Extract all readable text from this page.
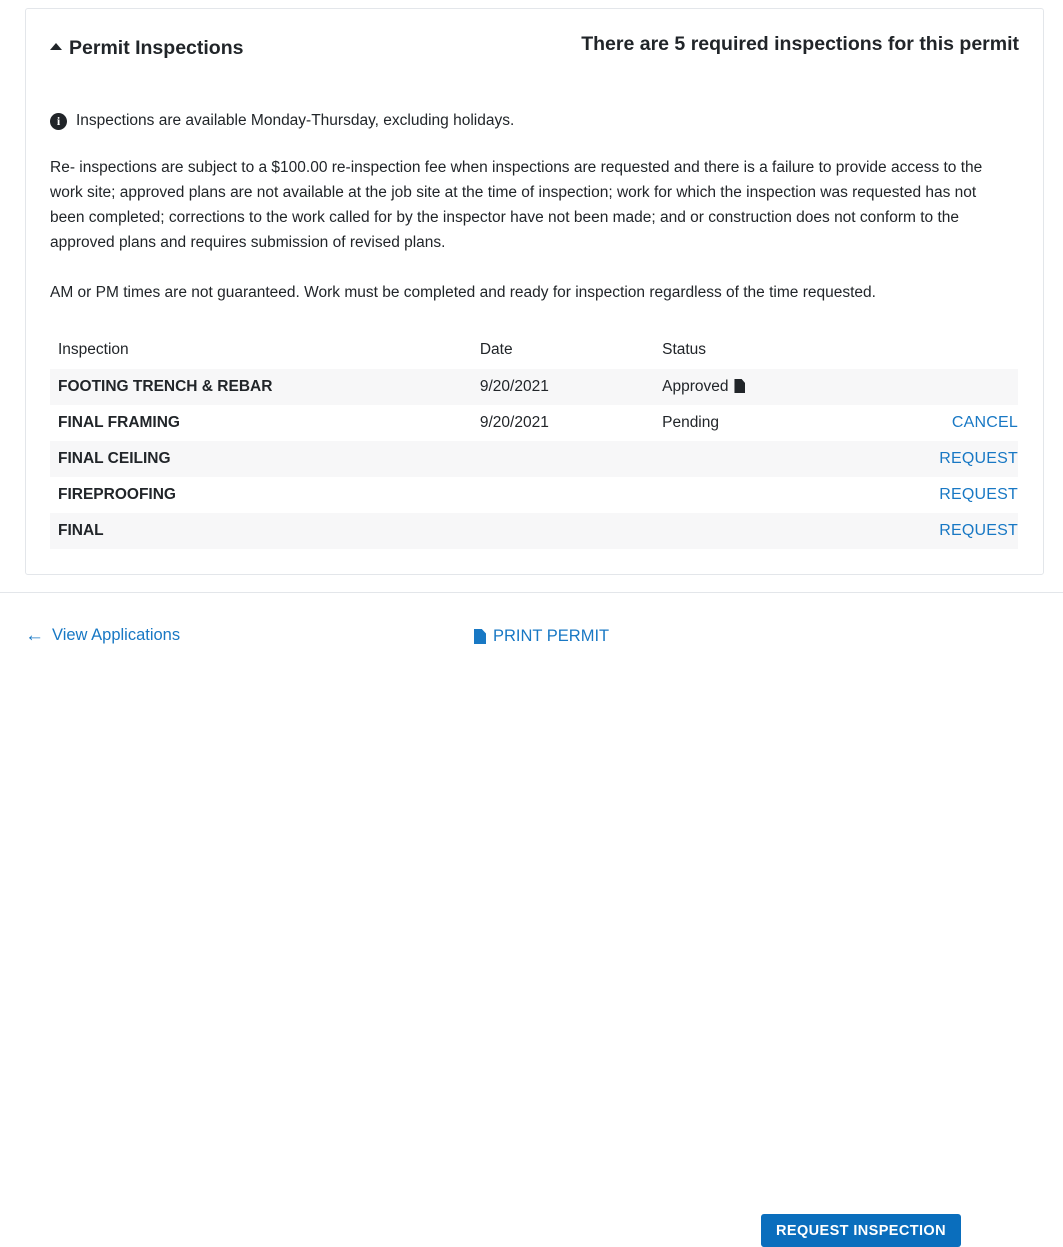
Permit Inspections	There are 5 required inspections for this permit
i	Inspections are available Monday-Thursday, excluding holidays.
Re- inspections are subject to a $100.00 re-inspection fee when inspections are requested and there is a failure to provide access to the work site; approved plans are not available at the job site at the time of inspection; work for which the inspection was requested has not been completed; corrections to the work called for by the inspector have not been made; and or construction does not conform to the approved plans and requires submission of revised plans.
AM or PM times are not guaranteed. Work must be completed and ready for inspection regardless of the time requested.
Inspection	Date	Status	
FOOTING TRENCH & REBAR	9/20/2021	Approved	
FINAL FRAMING	9/20/2021	Pending	CANCEL
FINAL CEILING			REQUEST
FIREPROOFING			REQUEST
FINAL			REQUEST
← View Applications	PRINT PERMIT
REQUEST INSPECTION
